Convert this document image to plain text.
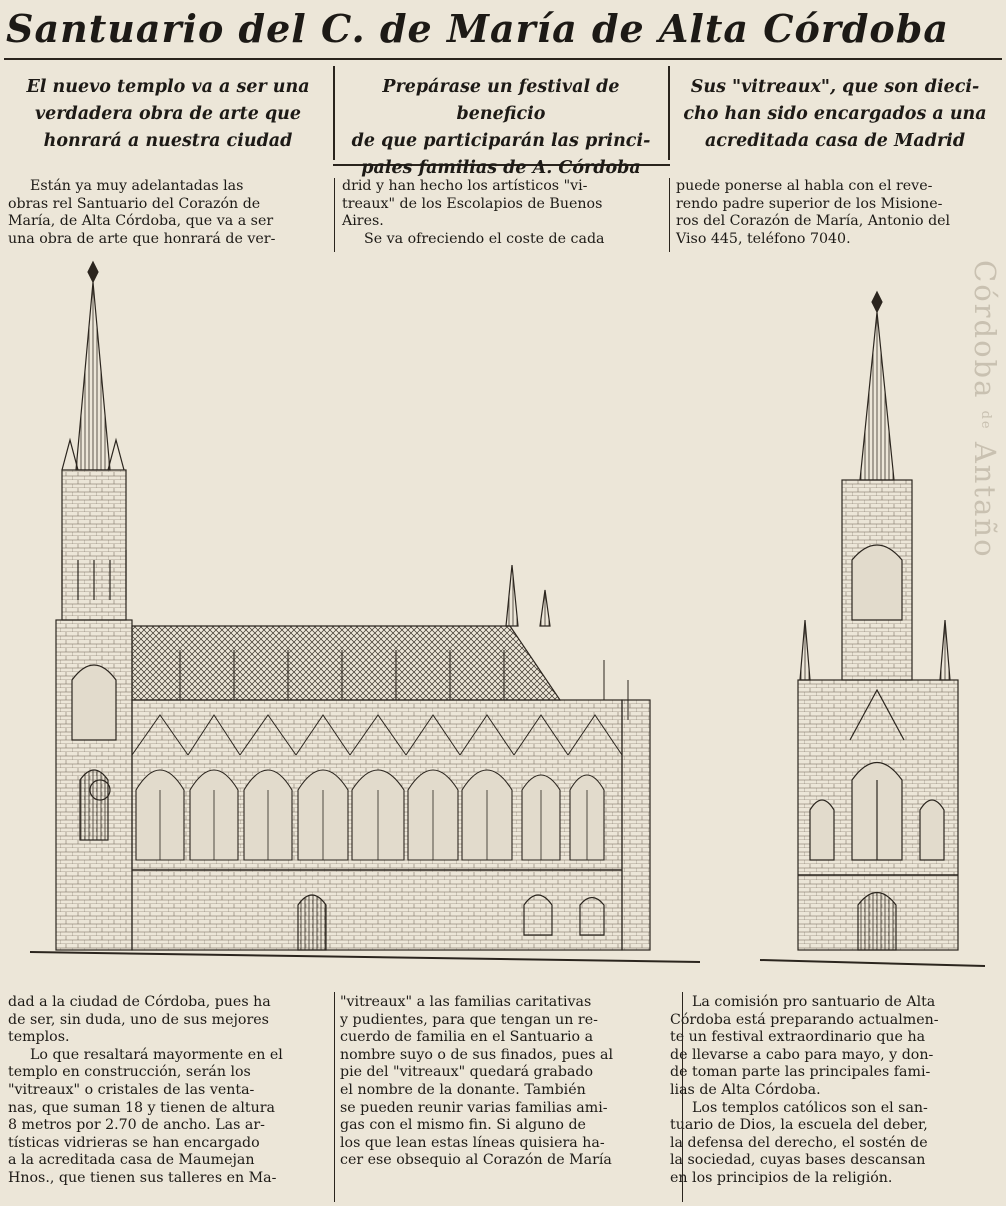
Santuario del C. de María de Alta Córdoba
El nuevo templo va a ser una
verdadera obra de arte que
honrará a nuestra ciudad
Prepárase un festival de beneficio
de que participarán las princi-
pales familias de A. Córdoba
Sus "vitreaux", que son dieci-
cho han sido encargados a una
acreditada casa de Madrid

Están ya muy adelantadas las

obras rel Santuario del Corazón de

María, de Alta Córdoba, que va a ser

una obra de arte que honrará de ver-

drid y han hecho los artísticos "vi-

treaux" de los Escolapios de Buenos

Aires.

Se va ofreciendo el coste de cada

puede ponerse al habla con el reve-

rendo padre superior de los Misione-

ros del Corazón de María, Antonio del

Viso 445, teléfono 7040.

dad a la ciudad de Córdoba, pues ha

de ser, sin duda, uno de sus mejores

templos.

Lo que resaltará mayormente en el

templo en construcción, serán los

"vitreaux" o cristales de las venta-

nas, que suman 18 y tienen de altura

8 metros por 2.70 de ancho. Las ar-

tísticas vidrieras se han encargado

a la acreditada casa de Maumejan

Hnos., que tienen sus talleres en Ma-

"vitreaux" a las familias caritativas

y pudientes, para que tengan un re-

cuerdo de familia en el Santuario a

nombre suyo o de sus finados, pues al

pie del "vitreaux" quedará grabado

el nombre de la donante. También

se pueden reunir varias familias ami-

gas con el mismo fin. Si alguno de

los que lean estas líneas quisiera ha-

cer ese obsequio al Corazón de María

La comisión pro santuario de Alta

Córdoba está preparando actualmen-

te un festival extraordinario que ha

de llevarse a cabo para mayo, y don-

de toman parte las principales fami-

lias de Alta Córdoba.

Los templos católicos son el san-

tuario de Dios, la escuela del deber,

la defensa del derecho, el sostén de

la sociedad, cuyas bases descansan

en los principios de la religión.

Córdoba de Antaño
